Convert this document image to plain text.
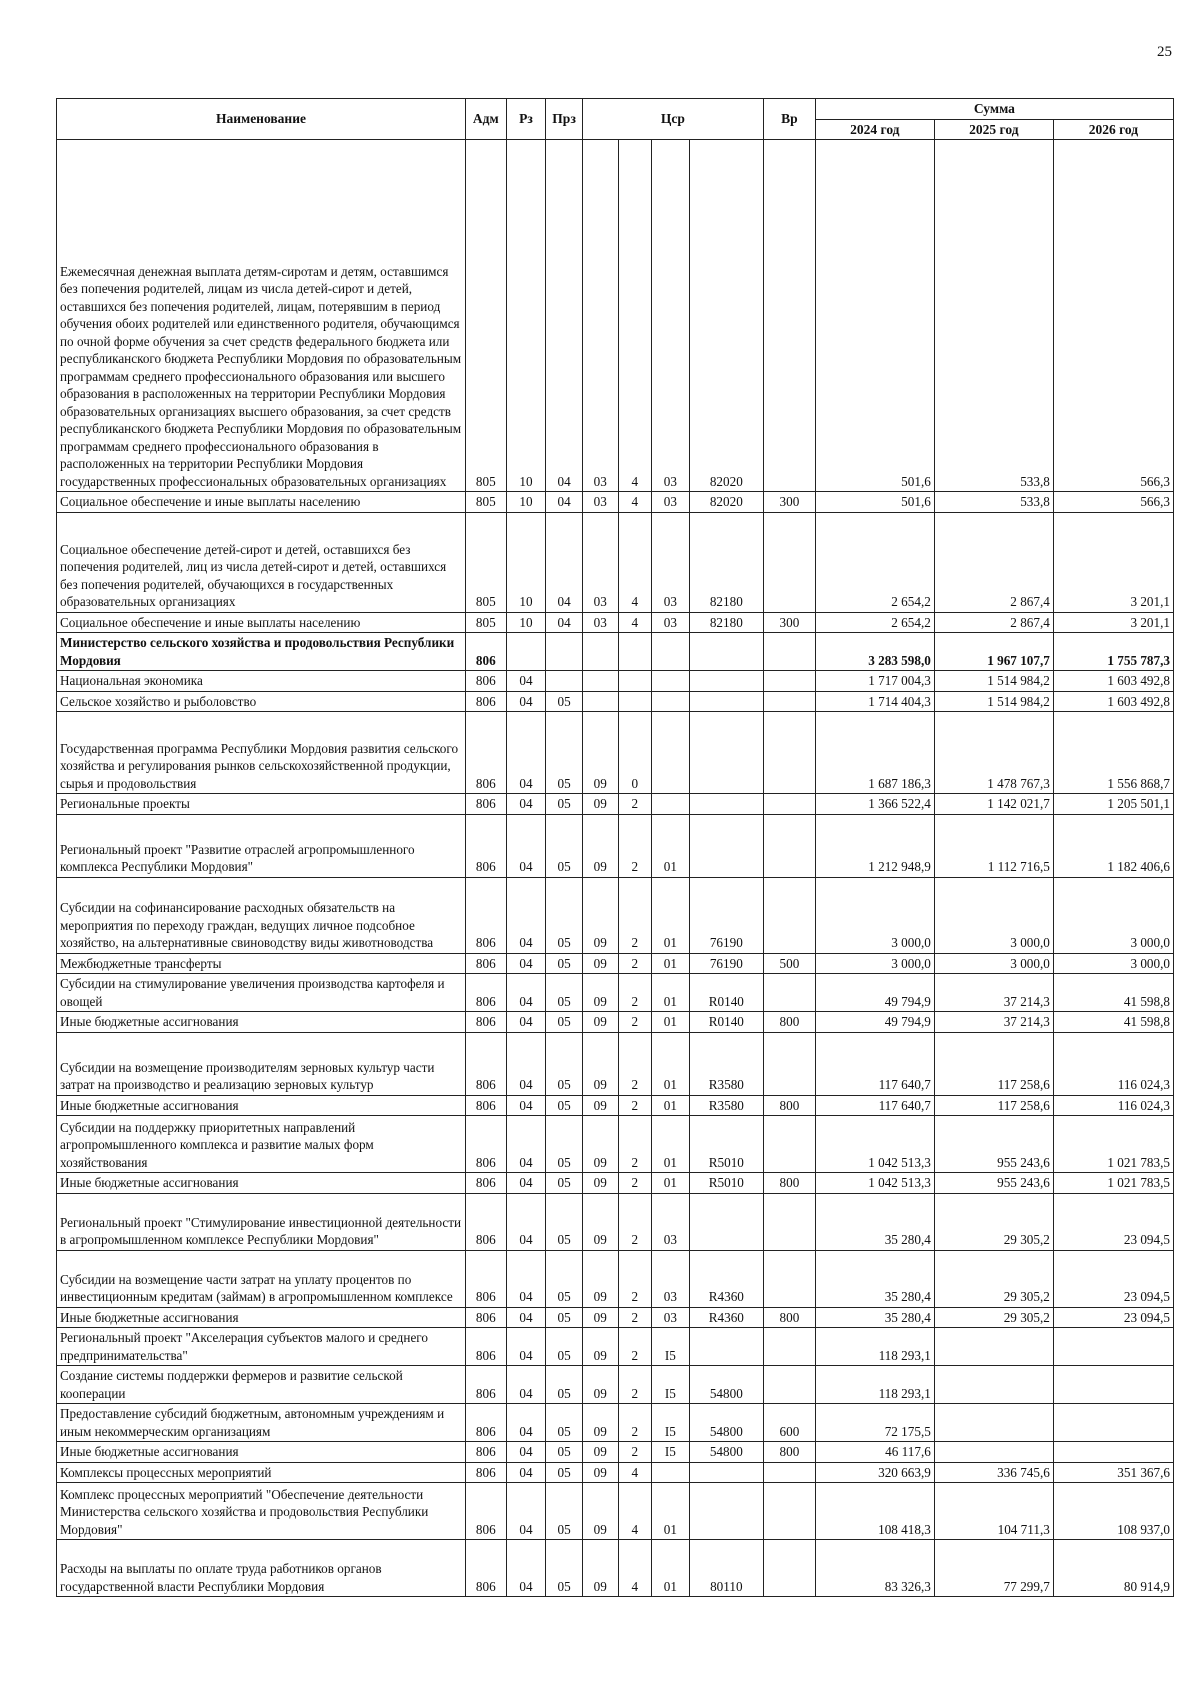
25
Наименование	Адм	Рз	Прз	Цср				Вр	Сумма		
									2024 год	2025 год	2026 год
Ежемесячная денежная выплата детям-сиротам и детям, оставшимся без попечения родителей, лицам из числа детей-сирот и детей, оставшихся без попечения родителей, лицам, потерявшим в период обучения обоих родителей или единственного родителя, обучающимся по очной форме обучения за счет средств федерального бюджета или республиканского бюджета Республики Мордовия по образовательным программам среднего профессионального образования или высшего образования в расположенных на территории Республики Мордовия образовательных организациях высшего образования, за счет средств республиканского бюджета Республики Мордовия по образовательным программам среднего профессионального образования в расположенных на территории Республики Мордовия государственных профессиональных образовательных организациях	805	10	04	03	4	03	82020		501,6	533,8	566,3
Социальное обеспечение и иные выплаты населению	805	10	04	03	4	03	82020	300	501,6	533,8	566,3
Социальное обеспечение детей-сирот и детей, оставшихся без попечения родителей, лиц из числа детей-сирот и детей, оставшихся без попечения родителей, обучающихся в государственных образовательных организациях	805	10	04	03	4	03	82180		2 654,2	2 867,4	3 201,1
Социальное обеспечение и иные выплаты населению	805	10	04	03	4	03	82180	300	2 654,2	2 867,4	3 201,1
Министерство сельского хозяйства и продовольствия Республики Мордовия	806								3 283 598,0	1 967 107,7	1 755 787,3
Национальная экономика	806	04							1 717 004,3	1 514 984,2	1 603 492,8
Сельское хозяйство и рыболовство	806	04	05						1 714 404,3	1 514 984,2	1 603 492,8
Государственная программа Республики Мордовия развития сельского хозяйства и регулирования рынков сельскохозяйственной продукции, сырья и продовольствия	806	04	05	09	0				1 687 186,3	1 478 767,3	1 556 868,7
Региональные проекты	806	04	05	09	2				1 366 522,4	1 142 021,7	1 205 501,1
Региональный проект "Развитие отраслей агропромышленного комплекса Республики Мордовия"	806	04	05	09	2	01			1 212 948,9	1 112 716,5	1 182 406,6
Субсидии на софинансирование расходных обязательств на мероприятия по переходу граждан, ведущих личное подсобное хозяйство, на альтернативные свиноводству виды животноводства	806	04	05	09	2	01	76190		3 000,0	3 000,0	3 000,0
Межбюджетные трансферты	806	04	05	09	2	01	76190	500	3 000,0	3 000,0	3 000,0
Субсидии на стимулирование увеличения производства картофеля и овощей	806	04	05	09	2	01	R0140		49 794,9	37 214,3	41 598,8
Иные бюджетные ассигнования	806	04	05	09	2	01	R0140	800	49 794,9	37 214,3	41 598,8
Субсидии на возмещение производителям зерновых культур части затрат на производство и реализацию зерновых культур	806	04	05	09	2	01	R3580		117 640,7	117 258,6	116 024,3
Иные бюджетные ассигнования	806	04	05	09	2	01	R3580	800	117 640,7	117 258,6	116 024,3
Субсидии на поддержку приоритетных направлений агропромышленного комплекса и развитие малых форм хозяйствования	806	04	05	09	2	01	R5010		1 042 513,3	955 243,6	1 021 783,5
Иные бюджетные ассигнования	806	04	05	09	2	01	R5010	800	1 042 513,3	955 243,6	1 021 783,5
Региональный проект "Стимулирование инвестиционной деятельности в агропромышленном комплексе Республики Мордовия"	806	04	05	09	2	03			35 280,4	29 305,2	23 094,5
Субсидии на возмещение части затрат на уплату процентов по инвестиционным кредитам (займам) в агропромышленном комплексе	806	04	05	09	2	03	R4360		35 280,4	29 305,2	23 094,5
Иные бюджетные ассигнования	806	04	05	09	2	03	R4360	800	35 280,4	29 305,2	23 094,5
Региональный проект "Акселерация субъектов малого и среднего предпринимательства"	806	04	05	09	2	I5			118 293,1		
Создание системы поддержки фермеров и развитие сельской кооперации	806	04	05	09	2	I5	54800		118 293,1		
Предоставление субсидий бюджетным, автономным учреждениям и иным некоммерческим организациям	806	04	05	09	2	I5	54800	600	72 175,5		
Иные бюджетные ассигнования	806	04	05	09	2	I5	54800	800	46 117,6		
Комплексы процессных мероприятий	806	04	05	09	4				320 663,9	336 745,6	351 367,6
Комплекс процессных мероприятий "Обеспечение деятельности Министерства сельского хозяйства и продовольствия Республики Мордовия"	806	04	05	09	4	01			108 418,3	104 711,3	108 937,0
Расходы на выплаты по оплате труда работников органов государственной власти Республики Мордовия	806	04	05	09	4	01	80110		83 326,3	77 299,7	80 914,9
